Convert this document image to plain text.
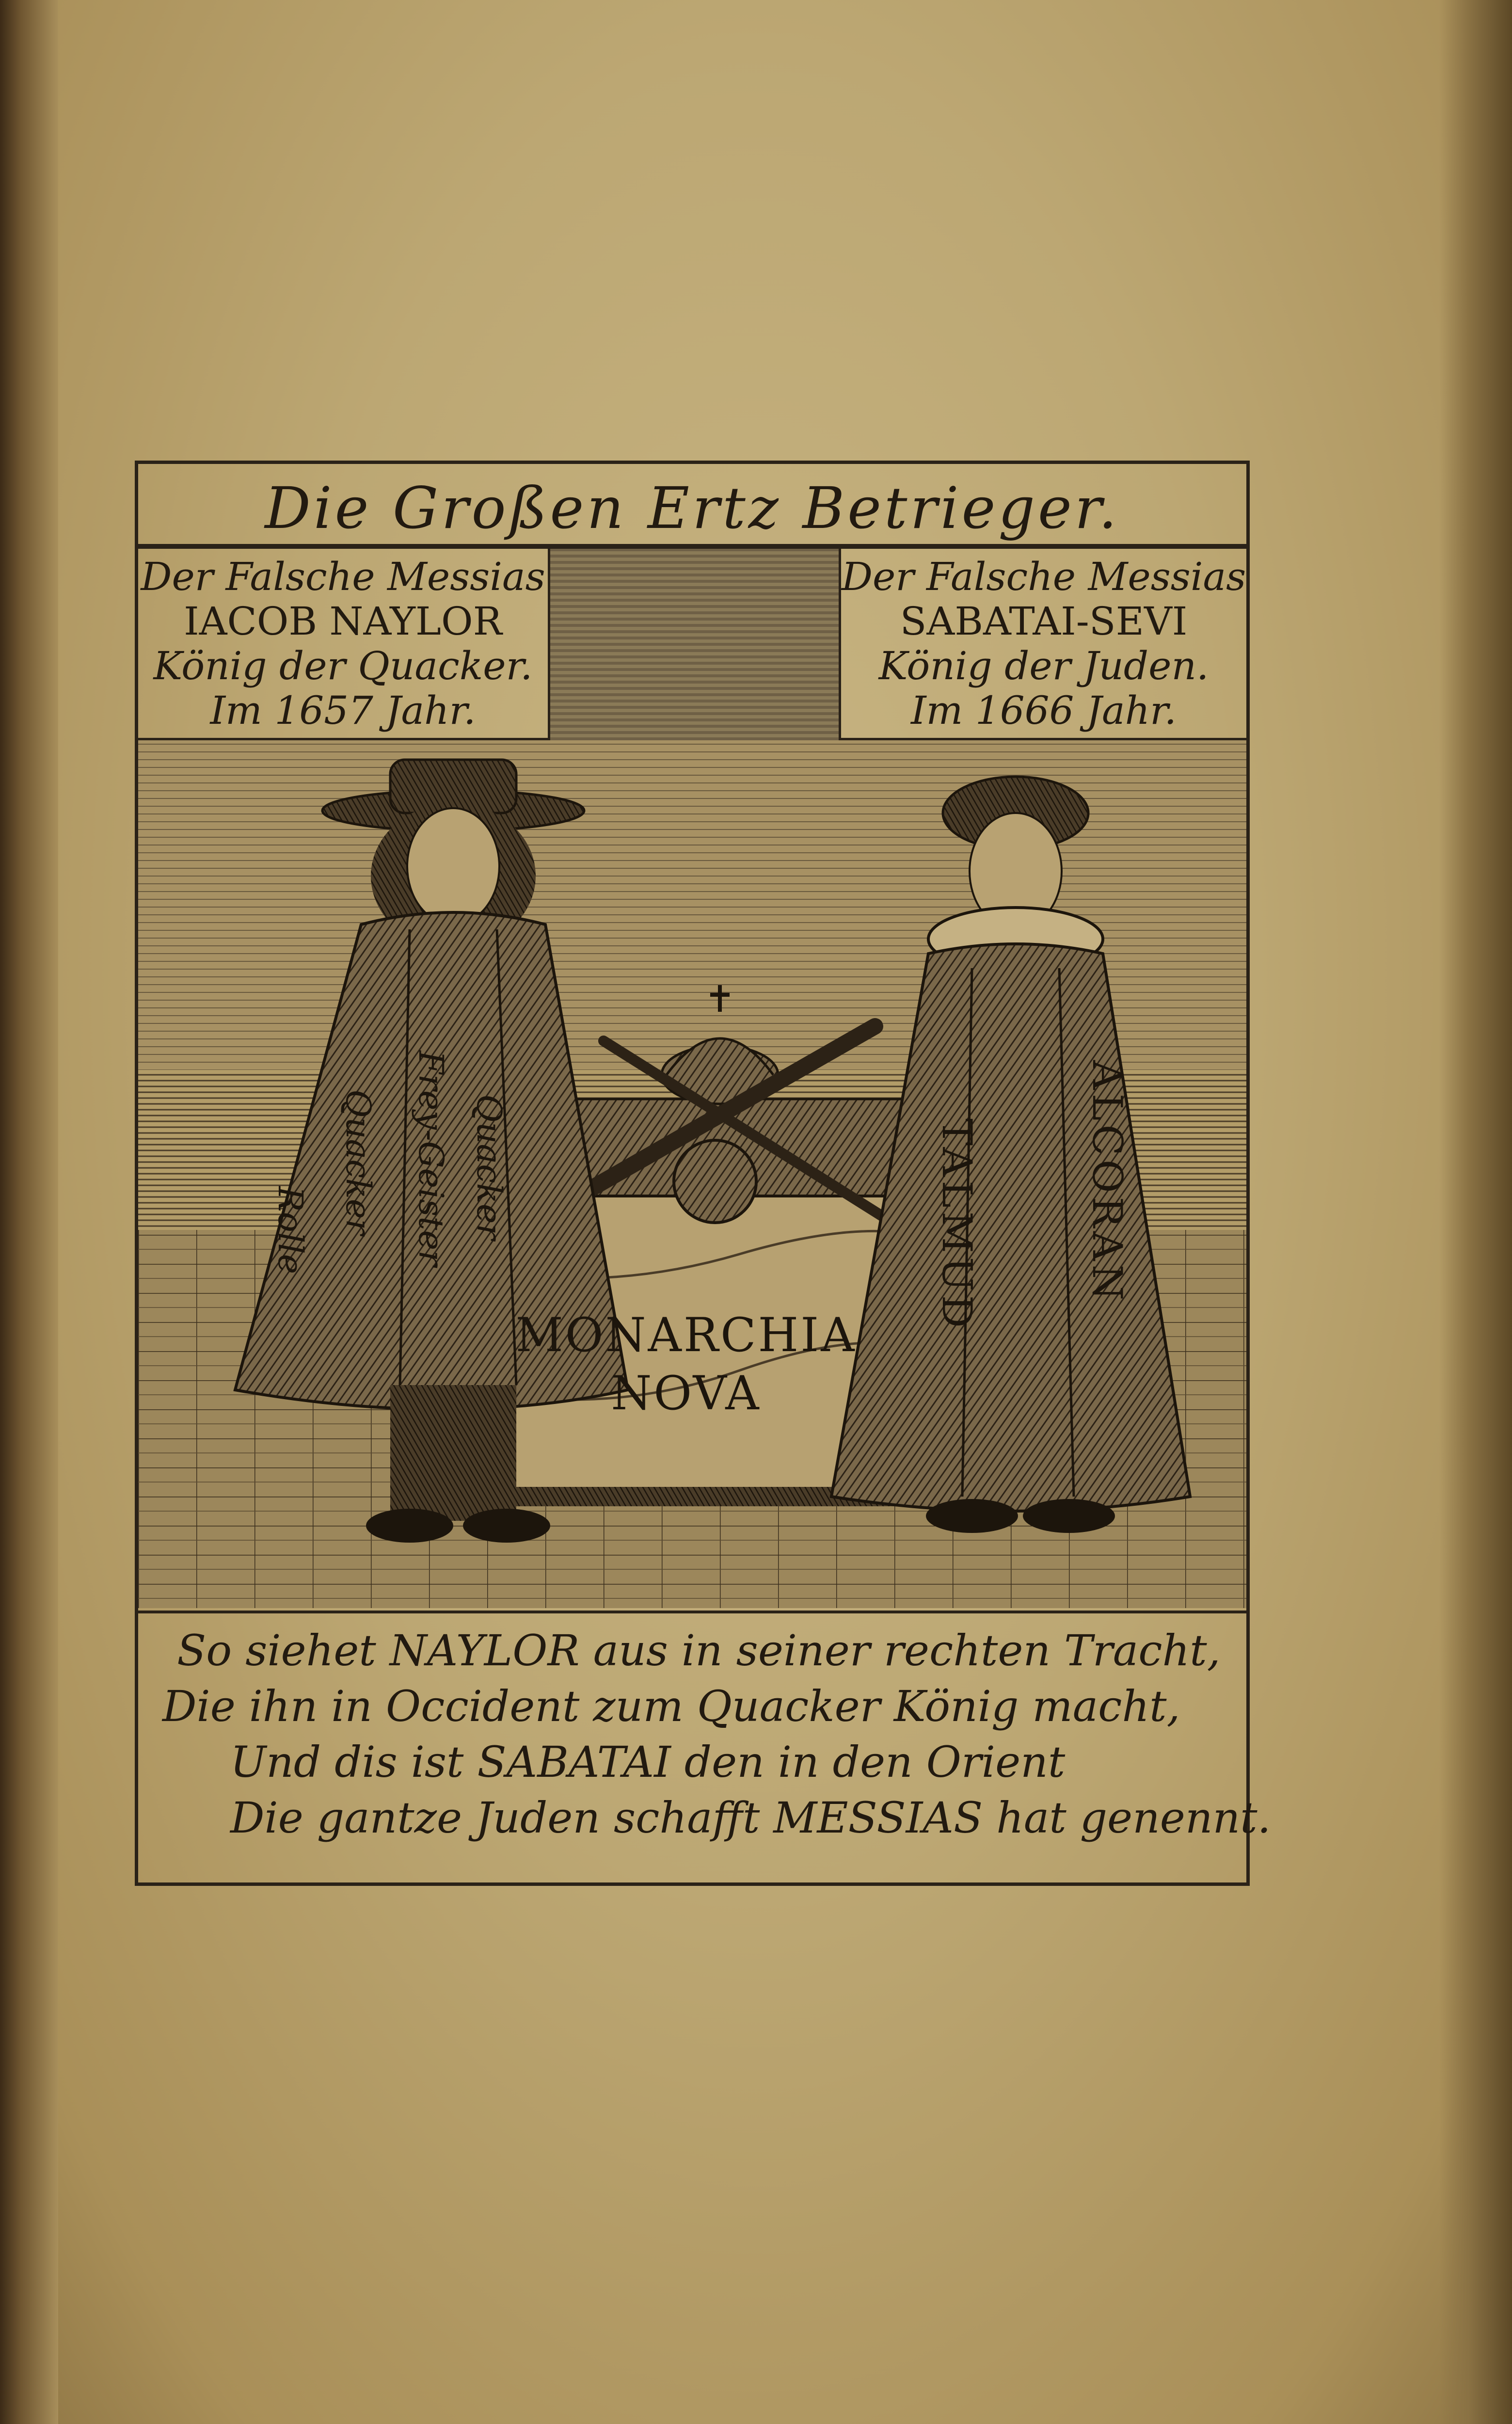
Die Großen Ertz Betrieger.
Der Falsche Messias
IACOB NAYLOR
König der Quacker.
Im 1657 Jahr.
Der Falsche Messias
SABATAI-SEVI
König der Juden.
Im 1666 Jahr.
Quacker Frey-Geister Quacker
Rolle	TALMUD	ALCORAN
MONARCHIA
NOVA
So siehet NAYLOR aus in seiner rechten Tracht,
Die ihn in Occident zum Quacker König macht,
Und dis ist SABATAI den in den Orient
Die gantze Juden schafft MESSIAS hat genennt.
